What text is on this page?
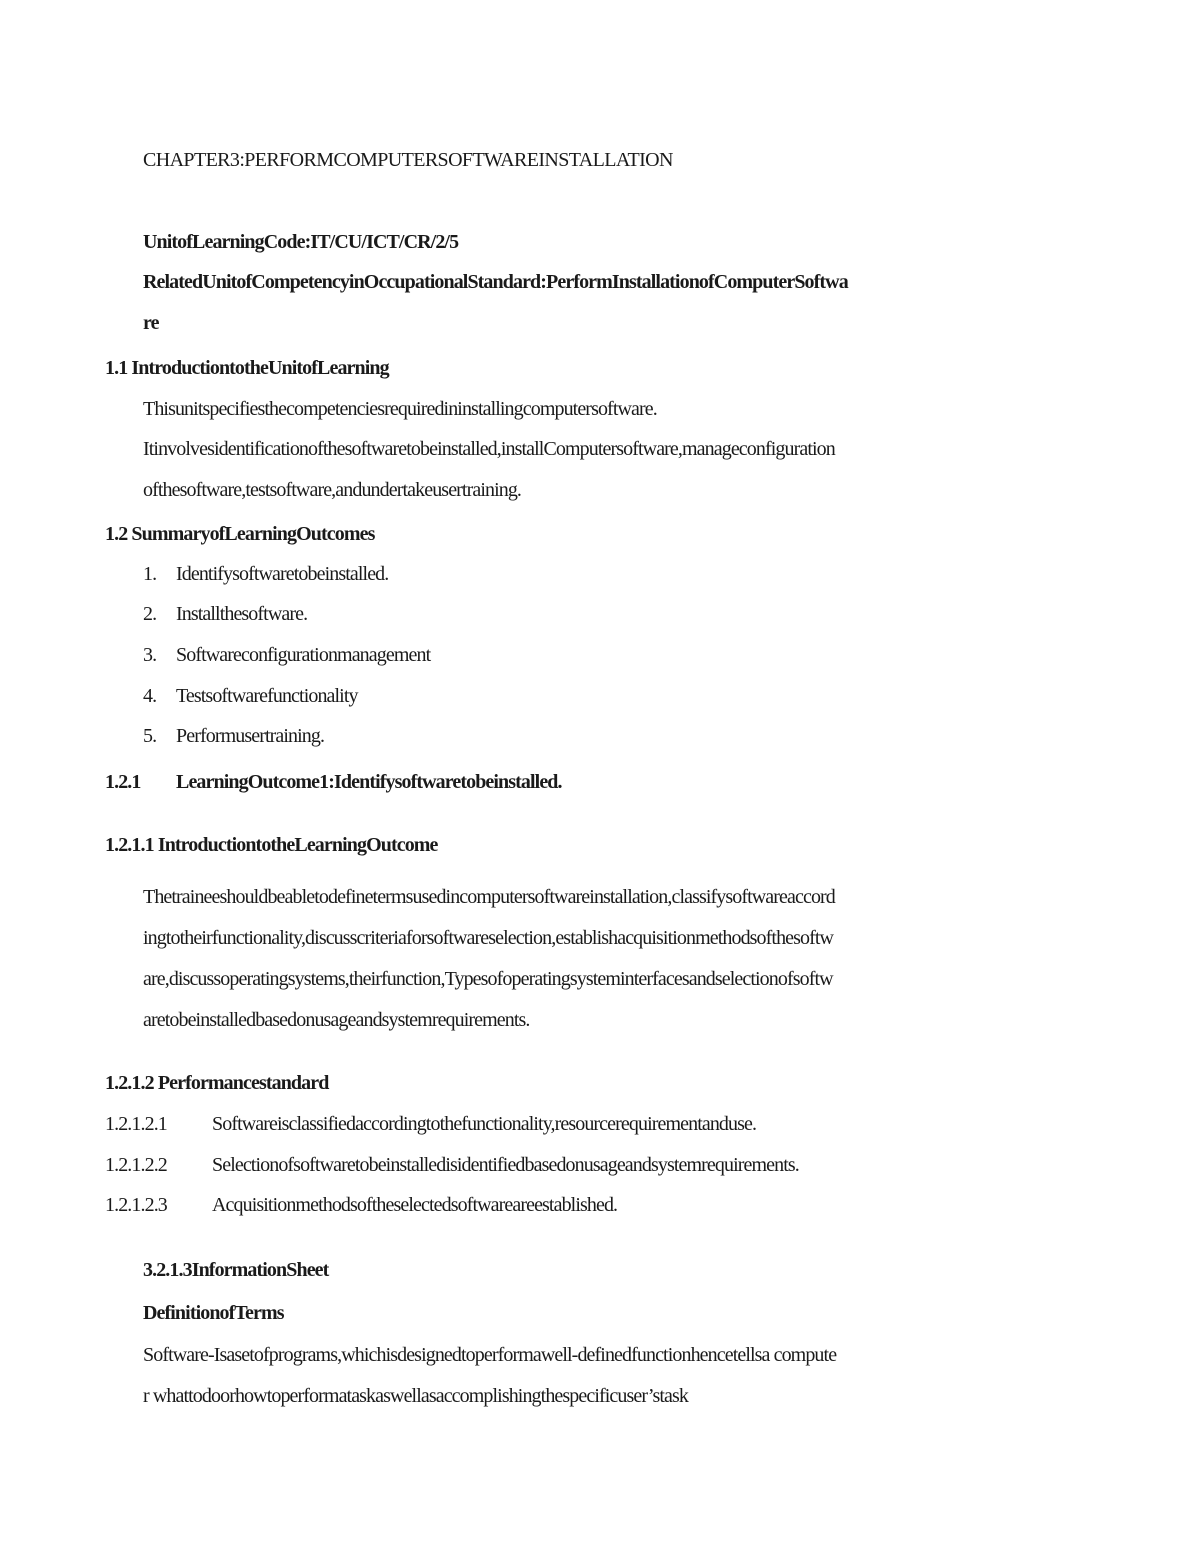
CHAPTER3:PERFORMCOMPUTERSOFTWAREINSTALLATION
UnitofLearningCode:IT/CU/ICT/CR/2/5
RelatedUnitofCompetencyinOccupationalStandard:PerformInstallationofComputerSoftwa
re
1.1 IntroductiontotheUnitofLearning
Thisunitspecifiesthecompetenciesrequiredininstallingcomputersoftware.
Itinvolvesidentificationofthesoftwaretobeinstalled,installComputersoftware,manageconfiguration
ofthesoftware,testsoftware,andundertakeusertraining.
1.2 SummaryofLearningOutcomes
1. Identifysoftwaretobeinstalled.
2. Installthesoftware.
3. Softwareconfigurationmanagement
4. Testsoftwarefunctionality
5. Performusertraining.
1.2.1 LearningOutcome1:Identifysoftwaretobeinstalled.
1.2.1.1 IntroductiontotheLearningOutcome
Thetraineeshouldbeabletodefinetermsusedincomputersoftwareinstallation,classifysoftwareaccord
ingtotheirfunctionality,discusscriteriaforsoftwareselection,establishacquisitionmethodsofthesoftw
are,discussoperatingsystems,theirfunction,Typesofoperatingsysteminterfacesandselectionofsoftw
aretobeinstalledbasedonusageandsystemrequirements.
1.2.1.2 Performancestandard
1.2.1.2.1 Softwareisclassifiedaccordingtothefunctionality,resourcerequirementanduse.
1.2.1.2.2 Selectionofsoftwaretobeinstalledisidentifiedbasedonusageandsystemrequirements.
1.2.1.2.3 Acquisitionmethodsoftheselectedsoftwareareestablished.
3.2.1.3InformationSheet
DefinitionofTerms
Software-Isasetofprograms,whichisdesignedtoperformawell-definedfunctionhencetellsa compute
r whattodoorhowtoperformataskaswellasaccomplishingthespecificuser’stask
